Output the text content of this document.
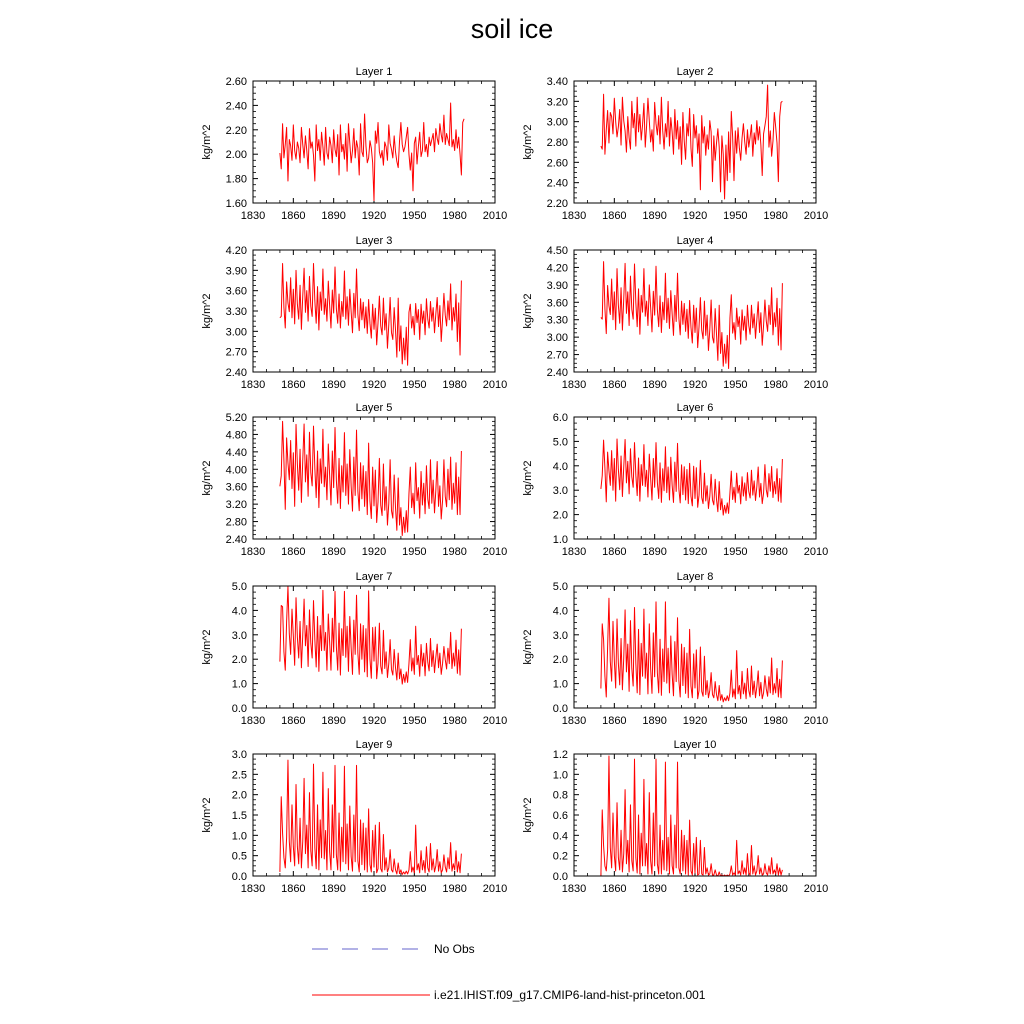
soil ice
Layer 1
kg/m^2
1830 1860 1890 1920 1950 1980 2010
1.60
1.80
2.00
2.20
2.40
2.60
Layer 2
kg/m^2
1830 1860 1890 1920 1950 1980 2010
2.20
2.40
2.60
2.80
3.00
3.20
3.40
Layer 3
kg/m^2
1830 1860 1890 1920 1950 1980 2010
2.40
2.70
3.00
3.30
3.60
3.90
4.20
Layer 4
kg/m^2
1830 1860 1890 1920 1950 1980 2010
2.40
2.70
3.00
3.30
3.60
3.90
4.20
4.50
Layer 5
kg/m^2
1830 1860 1890 1920 1950 1980 2010
2.40
2.80
3.20
3.60
4.00
4.40
4.80
5.20
Layer 6
kg/m^2
1830 1860 1890 1920 1950 1980 2010
1.0
2.0
3.0
4.0
5.0
6.0
Layer 7
kg/m^2
1830 1860 1890 1920 1950 1980 2010
0.0
1.0
2.0
3.0
4.0
5.0
Layer 8
kg/m^2
1830 1860 1890 1920 1950 1980 2010
0.0
1.0
2.0
3.0
4.0
5.0
Layer 9
kg/m^2
1830 1860 1890 1920 1950 1980 2010
0.0
0.5
1.0
1.5
2.0
2.5
3.0
Layer 10
kg/m^2
1830 1860 1890 1920 1950 1980 2010
0.0
0.2
0.4
0.6
0.8
1.0
1.2
No Obs
i.e21.IHIST.f09_g17.CMIP6-land-hist-princeton.001
